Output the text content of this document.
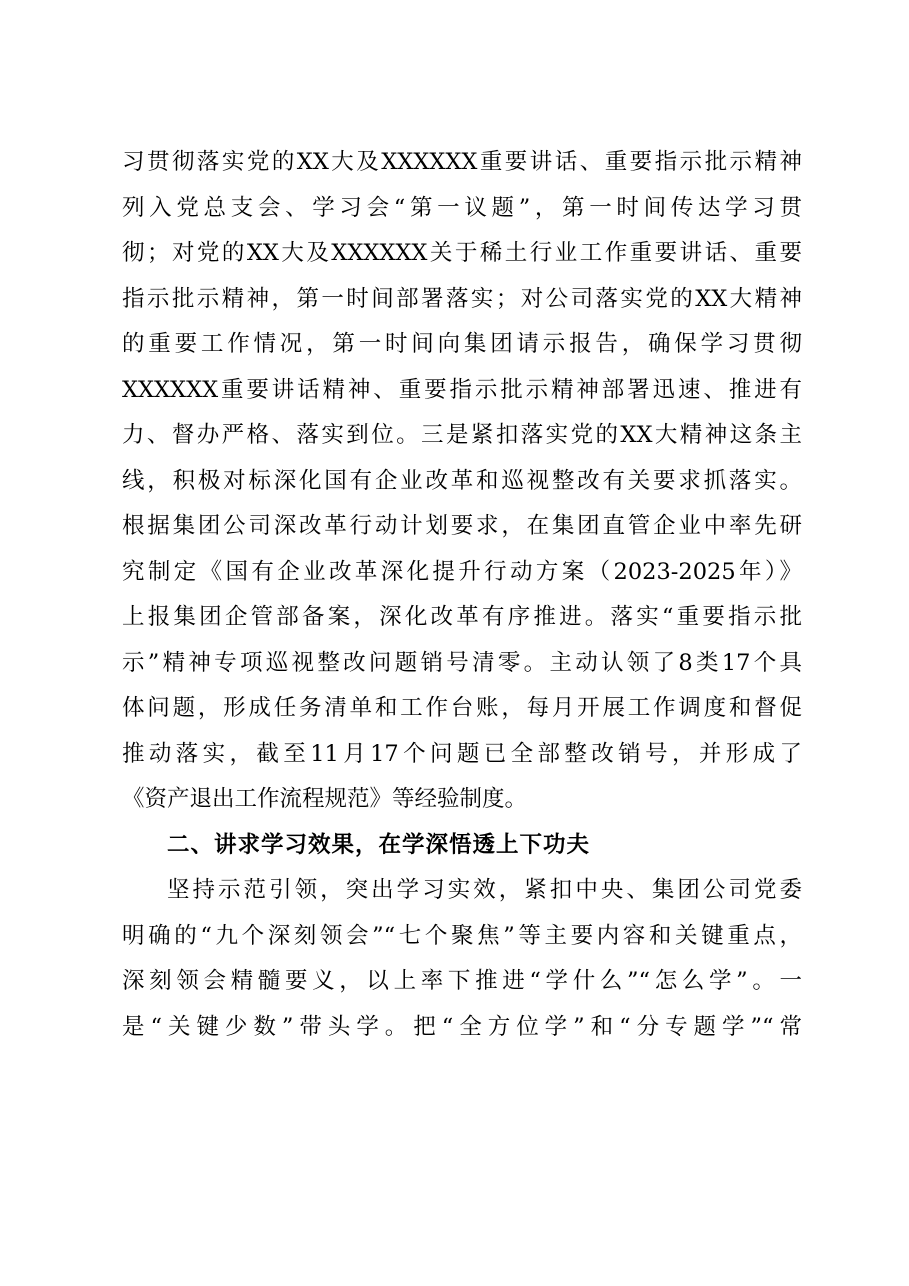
习贯彻落实党的XX大及XXXXXX重要讲话、重要指示批示精神
列入党总支会、学习会“第一议题”，第一时间传达学习贯
彻；对党的XX大及XXXXXX关于稀土行业工作重要讲话、重要
指示批示精神，第一时间部署落实；对公司落实党的XX大精神
的重要工作情况，第一时间向集团请示报告，确保学习贯彻
XXXXXX重要讲话精神、重要指示批示精神部署迅速、推进有
力、督办严格、落实到位。三是紧扣落实党的XX大精神这条主
线，积极对标深化国有企业改革和巡视整改有关要求抓落实。
根据集团公司深改革行动计划要求，在集团直管企业中率先研
究制定《国有企业改革深化提升行动方案（2023-2025年）》
上报集团企管部备案，深化改革有序推进。落实“重要指示批
示”精神专项巡视整改问题销号清零。主动认领了8类17个具
体问题，形成任务清单和工作台账，每月开展工作调度和督促
推动落实，截至11月17个问题已全部整改销号，并形成了
《资产退出工作流程规范》等经验制度。
二、讲求学习效果，在学深悟透上下功夫
坚持示范引领，突出学习实效，紧扣中央、集团公司党委
明确的“九个深刻领会”“七个聚焦”等主要内容和关键重点，
深刻领会精髓要义，以上率下推进“学什么”“怎么学”。一
是“关键少数”带头学。把“全方位学”和“分专题学”“常
